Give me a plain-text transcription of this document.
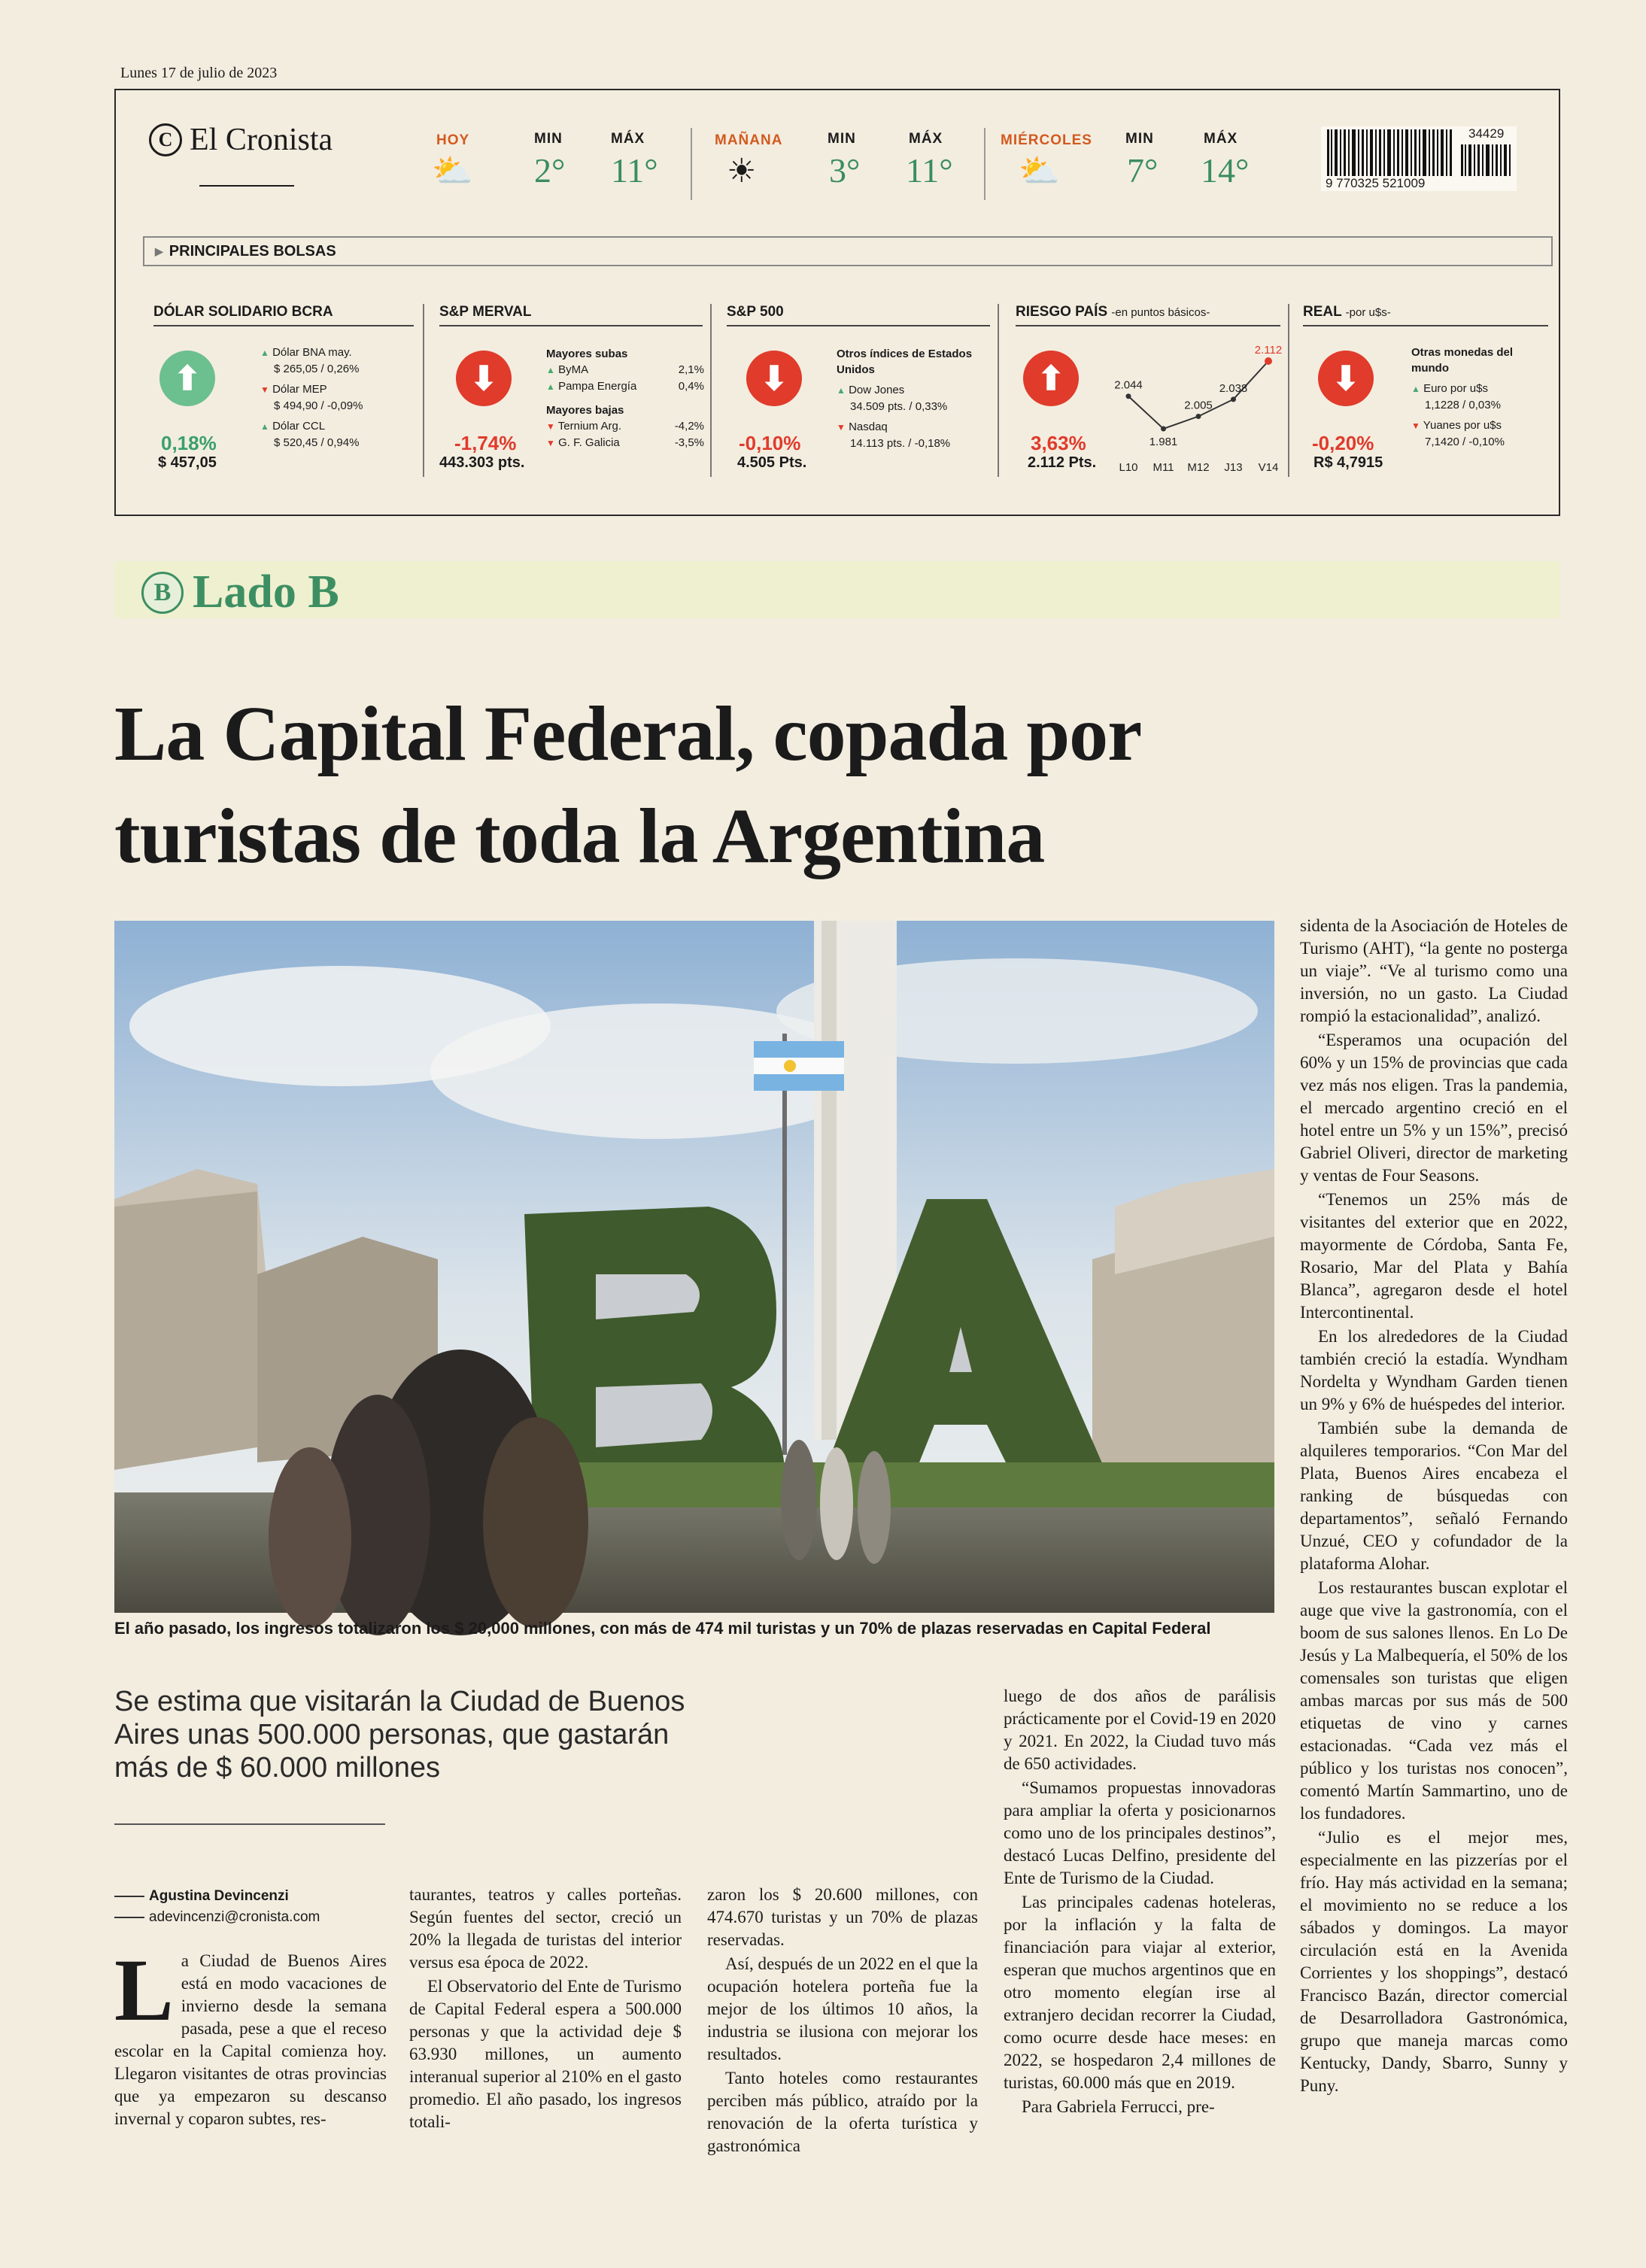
Lunes 17 de julio de 2023
C El Cronista	HOY
⛅
MIN	MÁX
2° 11°
MAÑANA
☀
MIN	MÁX
3° 11°
MIÉRCOLES
⛅
MIN	MÁX
7° 14°
34429
9 770325 521009
▶ PRINCIPALES BOLSAS
DÓLAR SOLIDARIO BCRA
⬆
0,18%
$ 457,05
▲ Dólar BNA may.
$ 265,05 / 0,26%
▼ Dólar MEP
$ 494,90 / -0,09%
▲ Dólar CCL
$ 520,45 / 0,94%
S&P MERVAL
⬇
-1,74%
443.303 pts.
Mayores subas
▲ ByMA	2,1%
▲ Pampa Energía	0,4%
Mayores bajas
▼ Ternium Arg.	-4,2%
▼ G. F. Galicia	-3,5%
S&P 500
⬇
-0,10%
4.505 Pts.
Otros índices de Estados Unidos
▲ Dow Jones
34.509 pts. / 0,33%
▼ Nasdaq
14.113 pts. / -0,18%
RIESGO PAÍS -en puntos básicos-
⬆
3,63%
2.112 Pts.
2.044
L10
1.981
M11
2.005
M12
2.038
J13
2.112
V14
REAL -por u$s-
⬇
-0,20%
R$ 4,7915
Otras monedas del mundo
▲ Euro por u$s
1,1228 / 0,03%
▼ Yuanes por u$s
7,1420 / -0,10%
B Lado B
La Capital Federal, copada por turistas de toda la Argentina
El año pasado, los ingresos totalizaron los $ 20,000 millones, con más de 474 mil turistas y un 70% de plazas reservadas en Capital Federal
Se estima que visitarán la Ciudad de Buenos Aires unas 500.000 personas, que gastarán más de $ 60.000 millones
Agustina Devincenzi
adevincenzi@cronista.com

La Ciudad de Buenos Aires está en modo vacaciones de invierno desde la semana pasada, pese a que el receso escolar en la Capital comienza hoy. Llegaron visitantes de otras provincias que ya empezaron su descanso invernal y coparon subtes, res-

taurantes, teatros y calles porteñas. Según fuentes del sector, creció un 20% la llegada de turistas del interior versus esa época de 2022.

El Observatorio del Ente de Turismo de Capital Federal espera a 500.000 personas y que la actividad deje $ 63.930 millones, un aumento interanual superior al 210% en el gasto promedio. El año pasado, los ingresos totali-

zaron los $ 20.600 millones, con 474.670 turistas y un 70% de plazas reservadas.

Así, después de un 2022 en el que la ocupación hotelera porteña fue la mejor de los últimos 10 años, la industria se ilusiona con mejorar los resultados.

Tanto hoteles como restaurantes perciben más público, atraído por la renovación de la oferta turística y gastronómica

luego de dos años de parálisis prácticamente por el Covid-19 en 2020 y 2021. En 2022, la Ciudad tuvo más de 650 actividades.

“Sumamos propuestas innovadoras para ampliar la oferta y posicionarnos como uno de los principales destinos”, destacó Lucas Delfino, presidente del Ente de Turismo de la Ciudad.

Las principales cadenas hoteleras, por la inflación y la falta de financiación para viajar al exterior, esperan que muchos argentinos que en otro momento elegían irse al extranjero decidan recorrer la Ciudad, como ocurre desde hace meses: en 2022, se hospedaron 2,4 millones de turistas, 60.000 más que en 2019.

Para Gabriela Ferrucci, pre-

sidenta de la Asociación de Hoteles de Turismo (AHT), “la gente no posterga un viaje”. “Ve al turismo como una inversión, no un gasto. La Ciudad rompió la estacionalidad”, analizó.

“Esperamos una ocupación del 60% y un 15% de provincias que cada vez más nos eligen. Tras la pandemia, el mercado argentino creció en el hotel entre un 5% y un 15%”, precisó Gabriel Oliveri, director de marketing y ventas de Four Seasons.

“Tenemos un 25% más de visitantes del exterior que en 2022, mayormente de Córdoba, Santa Fe, Rosario, Mar del Plata y Bahía Blanca”, agregaron desde el hotel Intercontinental.

En los alrededores de la Ciudad también creció la estadía. Wyndham Nordelta y Wyndham Garden tienen un 9% y 6% de huéspedes del interior.

También sube la demanda de alquileres temporarios. “Con Mar del Plata, Buenos Aires encabeza el ranking de búsquedas con departamentos”, señaló Fernando Unzué, CEO y cofundador de la plataforma Alohar.

Los restaurantes buscan explotar el auge que vive la gastronomía, con el boom de sus salones llenos. En Lo De Jesús y La Malbequería, el 50% de los comensales son turistas que eligen ambas marcas por sus más de 500 etiquetas de vino y carnes estacionadas. “Cada vez más el público y los turistas nos conocen”, comentó Martín Sammartino, uno de los fundadores.

“Julio es el mejor mes, especialmente en las pizzerías por el frío. Hay más actividad en la semana; el movimiento no se reduce a los sábados y domingos. La mayor circulación está en la Avenida Corrientes y los shoppings”, destacó Francisco Bazán, director comercial de Desarrolladora Gastronómica, grupo que maneja marcas como Kentucky, Dandy, Sbarro, Sunny y Puny.
